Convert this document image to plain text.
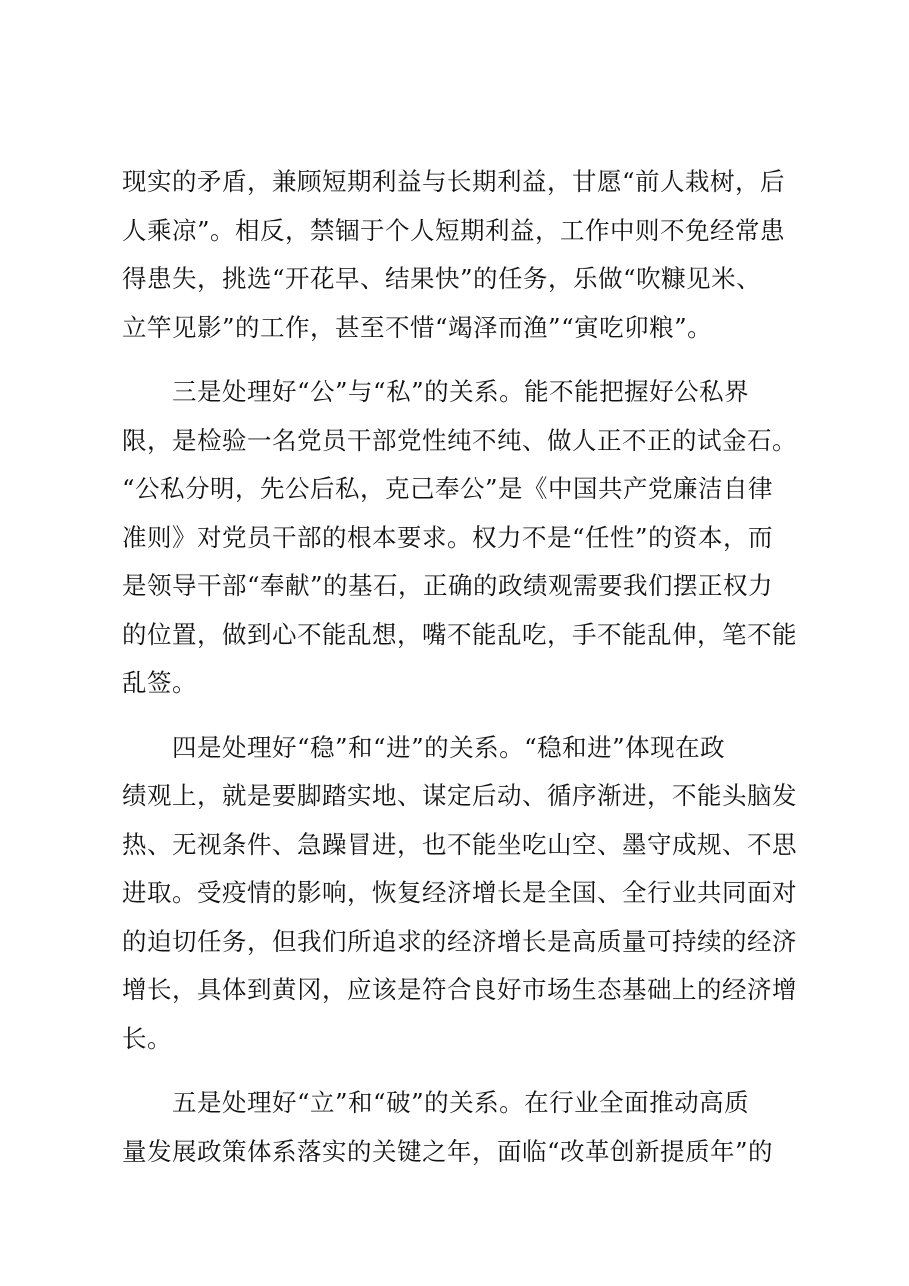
现实的矛盾，兼顾短期利益与长期利益，甘愿“前人栽树，后
人乘凉”。相反，禁锢于个人短期利益，工作中则不免经常患
得患失，挑选“开花早、结果快”的任务，乐做“吹糠见米、
立竿见影”的工作，甚至不惜“竭泽而渔”“寅吃卯粮”。

三是处理好“公”与“私”的关系。能不能把握好公私界
限，是检验一名党员干部党性纯不纯、做人正不正的试金石。
“公私分明，先公后私，克己奉公”是《中国共产党廉洁自律
准则》对党员干部的根本要求。权力不是“任性”的资本，而
是领导干部“奉献”的基石，正确的政绩观需要我们摆正权力
的位置，做到心不能乱想，嘴不能乱吃，手不能乱伸，笔不能
乱签。

四是处理好“稳”和“进”的关系。“稳和进”体现在政
绩观上，就是要脚踏实地、谋定后动、循序渐进，不能头脑发
热、无视条件、急躁冒进，也不能坐吃山空、墨守成规、不思
进取。受疫情的影响，恢复经济增长是全国、全行业共同面对
的迫切任务，但我们所追求的经济增长是高质量可持续的经济
增长，具体到黄冈，应该是符合良好市场生态基础上的经济增
长。

五是处理好“立”和“破”的关系。在行业全面推动高质
量发展政策体系落实的关键之年，面临“改革创新提质年”的
